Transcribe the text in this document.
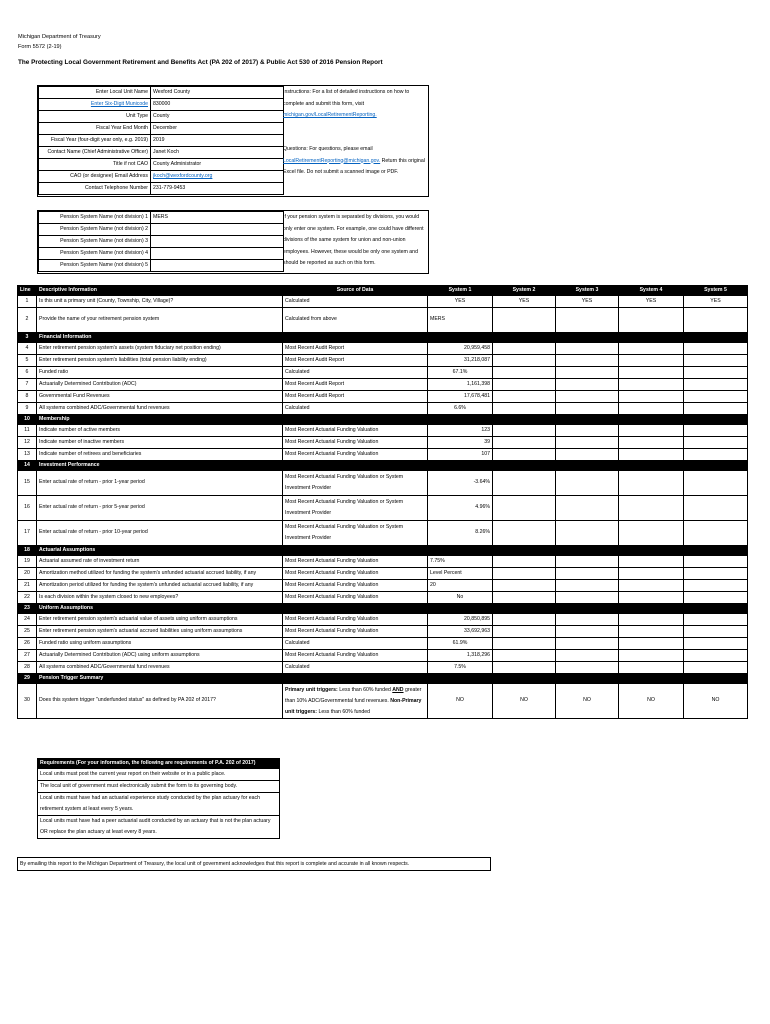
Michigan Department of Treasury
Form 5572 (2-19)
The Protecting Local Government Retirement and Benefits Act (PA 202 of 2017) & Public Act 530 of 2016 Pension Report
Enter Local Unit Name	Wexford County
Enter Six-Digit Municode	830000
Unit Type	County
Fiscal Year End Month	December
Fiscal Year (four-digit year only, e.g. 2019)	2019
Contact Name (Chief Administrative Officer)	Janet Koch
Title if not CAO	County Administrator
CAO (or designee) Email Address	jkoch@wexfordcounty.org
Contact Telephone Number	231-779-9453
Instructions: For a list of detailed instructions on how to complete and submit this form, visit michigan.gov/LocalRetirementReporting.
Questions: For questions, please email LocalRetirementReporting@michigan.gov. Return this original Excel file. Do not submit a scanned image or PDF.
Pension System Name (not division) 1	MERS
Pension System Name (not division) 2	
Pension System Name (not division) 3	
Pension System Name (not division) 4	
Pension System Name (not division) 5	
If your pension system is separated by divisions, you would only enter one system. For example, one could have different divisions of the same system for union and non-union employees. However, these would be only one system and should be reported as such on this form.
Line	Descriptive Information	Source of Data	System 1	System 2	System 3	System 4	System 5
1	Is this unit a primary unit (County, Township, City, Village)?	Calculated	YES	YES	YES	YES	YES
2	Provide the name of your retirement pension system	Calculated from above	MERS				
3	Financial Information						
4	Enter retirement pension system's assets (system fiduciary net position ending)	Most Recent Audit Report	20,959,458				
5	Enter retirement pension system's liabilities (total pension liability ending)	Most Recent Audit Report	31,218,087				
6	Funded ratio	Calculated	67.1%				
7	Actuarially Determined Contribution (ADC)	Most Recent Audit Report	1,161,398				
8	Governmental Fund Revenues	Most Recent Audit Report	17,678,481				
9	All systems combined ADC/Governmental fund revenues	Calculated	6.6%				
10	Membership						
11	Indicate number of active members	Most Recent Actuarial Funding Valuation	123				
12	Indicate number of inactive members	Most Recent Actuarial Funding Valuation	39				
13	Indicate number of retirees and beneficiaries	Most Recent Actuarial Funding Valuation	107				
14	Investment Performance						
15	Enter actual rate of return - prior 1-year period	Most Recent Actuarial Funding Valuation or System Investment Provider	-3.64%				
16	Enter actual rate of return - prior 5-year period	Most Recent Actuarial Funding Valuation or System Investment Provider	4.96%				
17	Enter actual rate of return - prior 10-year period	Most Recent Actuarial Funding Valuation or System Investment Provider	8.26%				
18	Actuarial Assumptions						
19	Actuarial assumed rate of investment return	Most Recent Actuarial Funding Valuation	7.75%				
20	Amortization method utilized for funding the system's unfunded actuarial accrued liability, if any	Most Recent Actuarial Funding Valuation	Level Percent				
21	Amortization period utilized for funding the system's unfunded actuarial accrued liability, if any	Most Recent Actuarial Funding Valuation	20				
22	Is each division within the system closed to new employees?	Most Recent Actuarial Funding Valuation	No				
23	Uniform Assumptions						
24	Enter retirement pension system's actuarial value of assets using uniform assumptions	Most Recent Actuarial Funding Valuation	20,850,895				
25	Enter retirement pension system's actuarial accrued liabilities using uniform assumptions	Most Recent Actuarial Funding Valuation	33,692,963				
26	Funded ratio using uniform assumptions	Calculated	61.9%				
27	Actuarially Determined Contribution (ADC) using uniform assumptions	Most Recent Actuarial Funding Valuation	1,318,296				
28	All systems combined ADC/Governmental fund revenues	Calculated	7.5%				
29	Pension Trigger Summary						
30	Does this system trigger "underfunded status" as defined by PA 202 of 2017?	Primary unit triggers: Less than 60% funded AND greater than 10% ADC/Governmental fund revenues. Non-Primary unit triggers: Less than 60% funded	NO	NO	NO	NO	NO
Requirements (For your information, the following are requirements of P.A. 202 of 2017)
Local units must post the current year report on their website or in a public place.
The local unit of government must electronically submit the form to its governing body.
Local units must have had an actuarial experience study conducted by the plan actuary for each retirement system at least every 5 years.
Local units must have had a peer actuarial audit conducted by an actuary that is not the plan actuary OR replace the plan actuary at least every 8 years.
By emailing this report to the Michigan Department of Treasury, the local unit of government acknowledges that this report is complete and accurate in all known respects.
